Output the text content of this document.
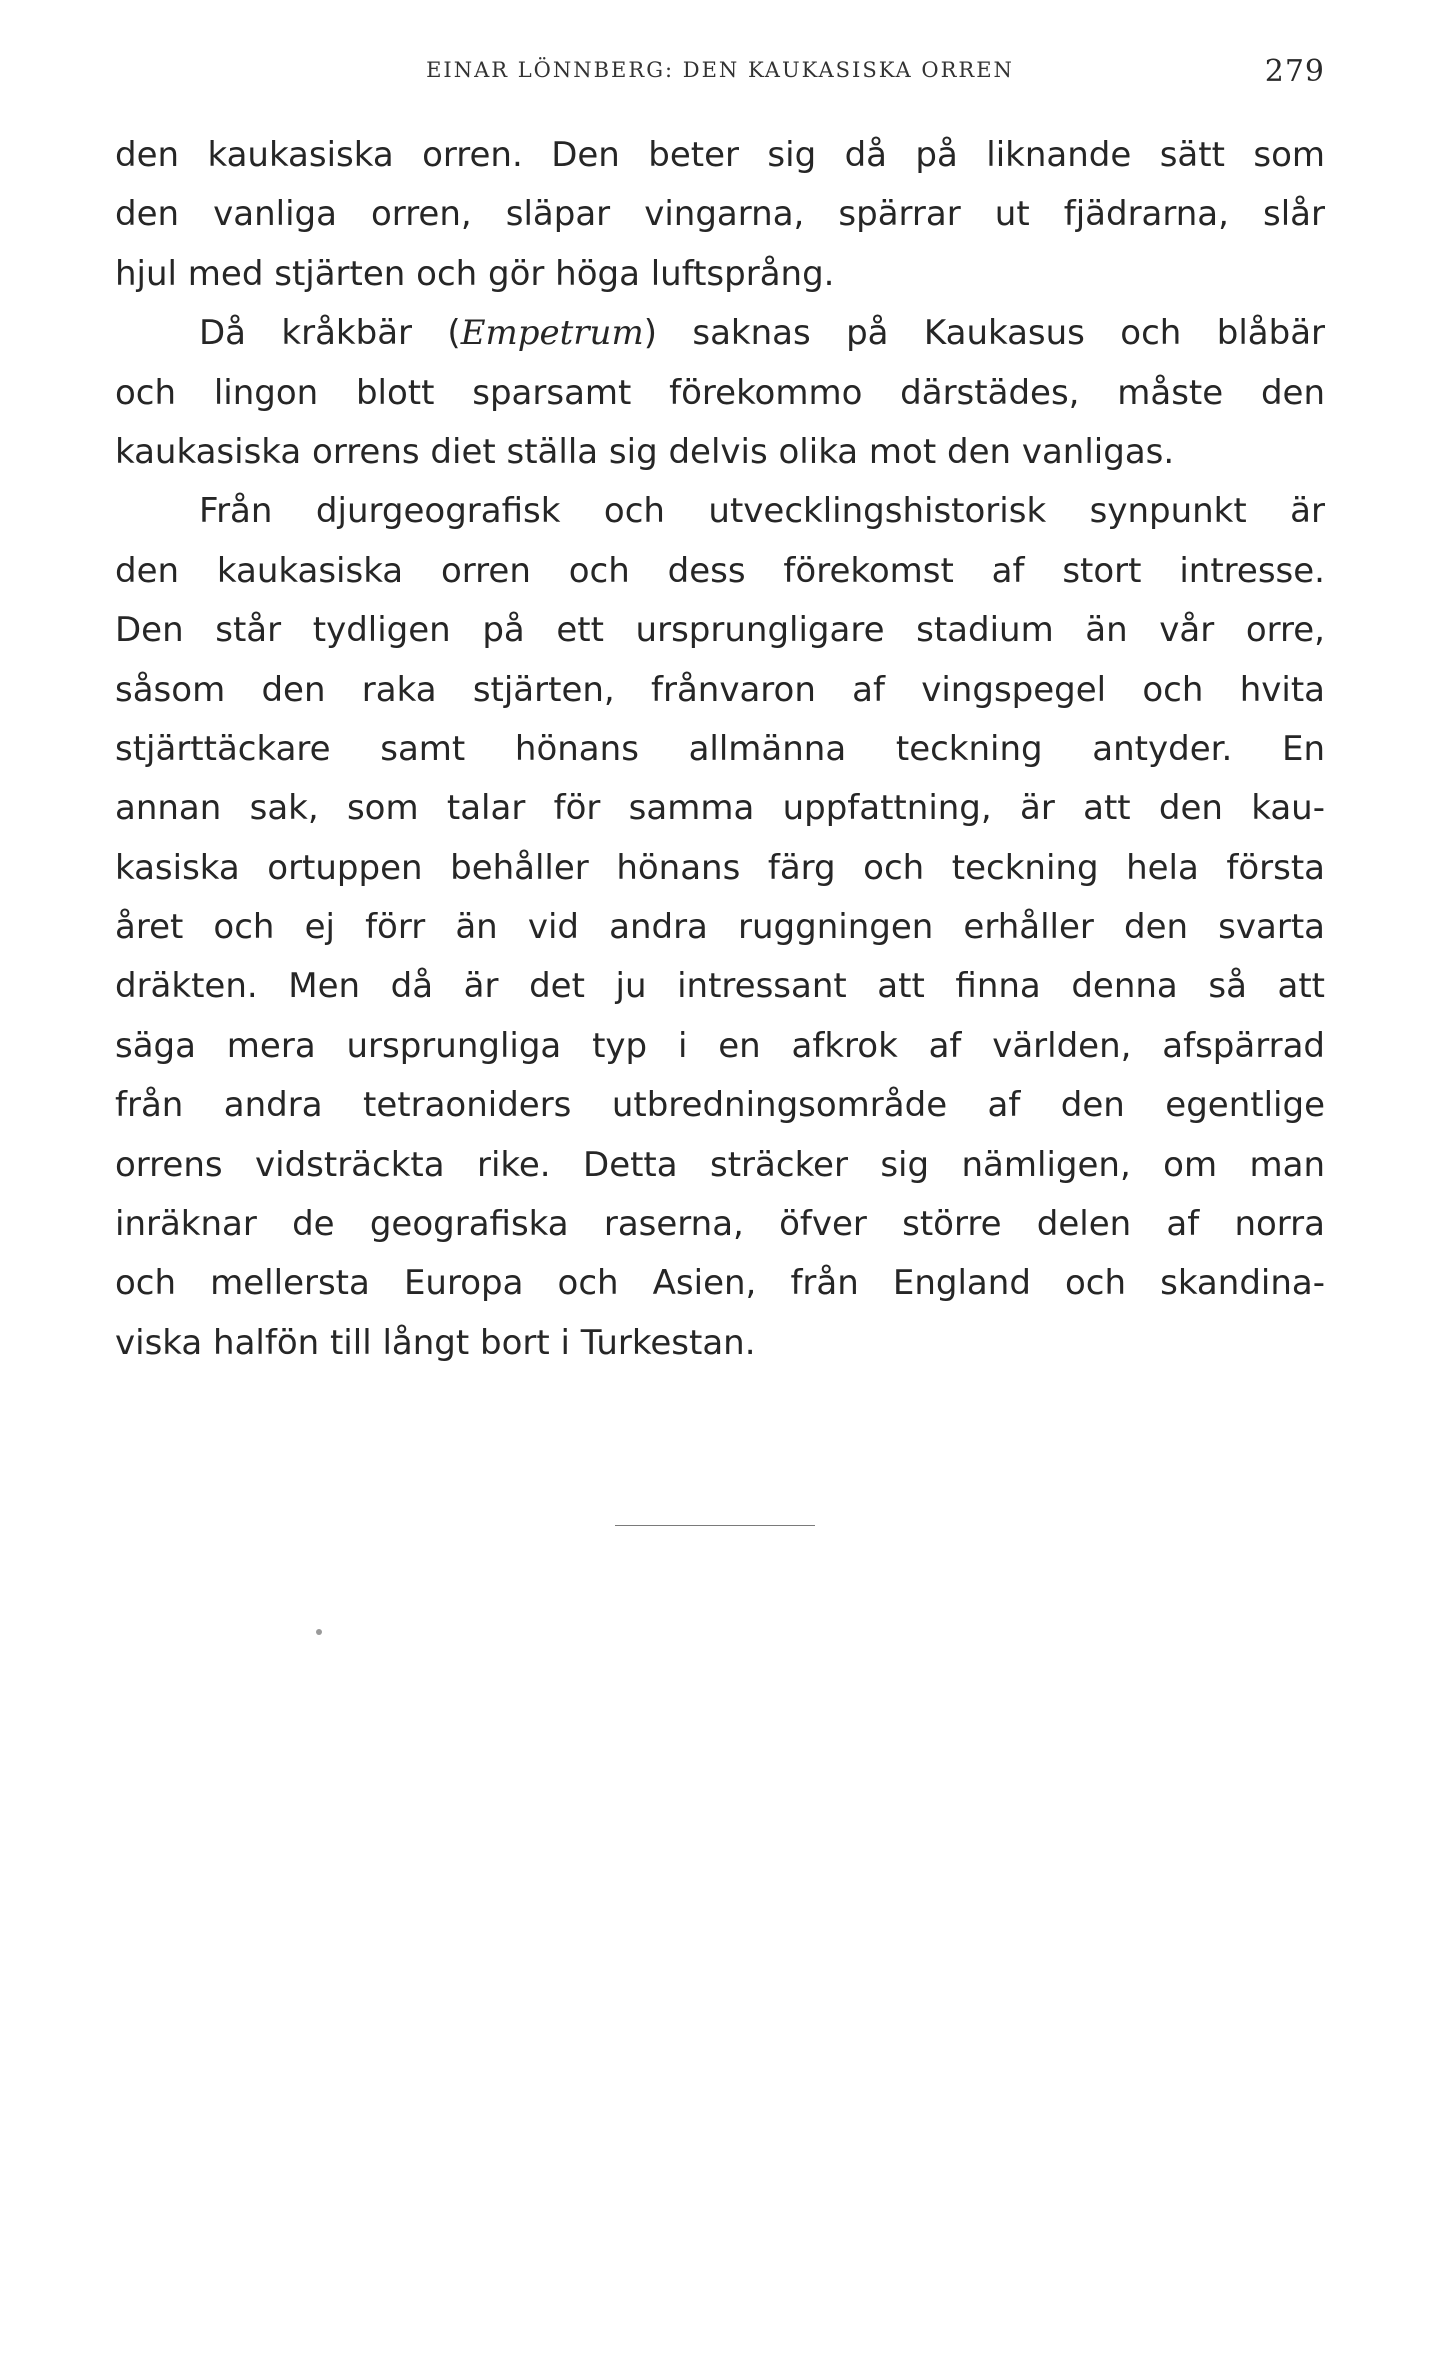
EINAR LÖNNBERG: DEN KAUKASISKA ORREN	279
den kaukasiska orren. Den beter sig då på liknande sätt som
den vanliga orren, släpar vingarna, spärrar ut fjädrarna, slår
hjul med stjärten och gör höga luftsprång.
Då kråkbär (Empetrum) saknas på Kaukasus och blåbär
och lingon blott sparsamt förekommo därstädes, måste den
kaukasiska orrens diet ställa sig delvis olika mot den vanligas.
Från djurgeografisk och utvecklingshistorisk synpunkt är
den kaukasiska orren och dess förekomst af stort intresse.
Den står tydligen på ett ursprungligare stadium än vår orre,
såsom den raka stjärten, frånvaron af vingspegel och hvita
stjärttäckare samt hönans allmänna teckning antyder. En
annan sak, som talar för samma uppfattning, är att den kau-
kasiska ortuppen behåller hönans färg och teckning hela första
året och ej förr än vid andra ruggningen erhåller den svarta
dräkten. Men då är det ju intressant att finna denna så att
säga mera ursprungliga typ i en afkrok af världen, afspärrad
från andra tetraoniders utbredningsområde af den egentlige
orrens vidsträckta rike. Detta sträcker sig nämligen, om man
inräknar de geografiska raserna, öfver större delen af norra
och mellersta Europa och Asien, från England och skandina-
viska halfön till långt bort i Turkestan.
